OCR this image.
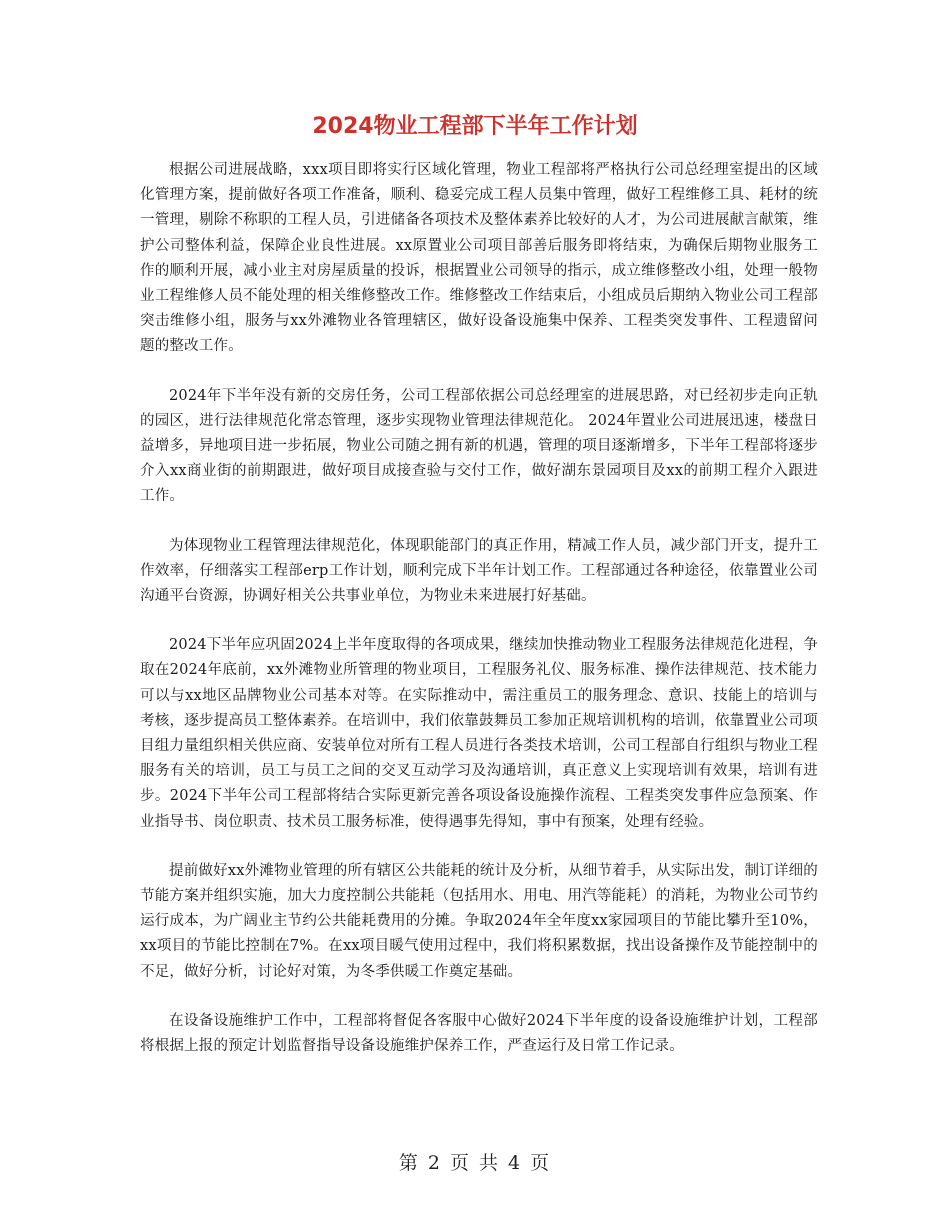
2024物业工程部下半年工作计划

根据公司进展战略，xxx项目即将实行区域化管理，物业工程部将严格执行公司总经理室提出的区域化管理方案，提前做好各项工作准备，顺利、稳妥完成工程人员集中管理，做好工程维修工具、耗材的统一管理，剔除不称职的工程人员，引进储备各项技术及整体素养比较好的人才，为公司进展献言献策，维护公司整体利益，保障企业良性进展。xx原置业公司项目部善后服务即将结束，为确保后期物业服务工作的顺利开展，减小业主对房屋质量的投诉，根据置业公司领导的指示，成立维修整改小组，处理一般物业工程维修人员不能处理的相关维修整改工作。维修整改工作结束后，小组成员后期纳入物业公司工程部突击维修小组，服务与xx外滩物业各管理辖区，做好设备设施集中保养、工程类突发事件、工程遗留问题的整改工作。

2024年下半年没有新的交房任务，公司工程部依据公司总经理室的进展思路，对已经初步走向正轨的园区，进行法律规范化常态管理，逐步实现物业管理法律规范化。 2024年置业公司进展迅速，楼盘日益增多，异地项目进一步拓展，物业公司随之拥有新的机遇，管理的项目逐渐增多，下半年工程部将逐步介入xx商业街的前期跟进，做好项目成接查验与交付工作，做好湖东景园项目及xx的前期工程介入跟进工作。

为体现物业工程管理法律规范化，体现职能部门的真正作用，精减工作人员，减少部门开支，提升工作效率，仔细落实工程部erp工作计划，顺利完成下半年计划工作。工程部通过各种途径，依靠置业公司沟通平台资源，协调好相关公共事业单位，为物业未来进展打好基础。

2024下半年应巩固2024上半年度取得的各项成果，继续加快推动物业工程服务法律规范化进程，争取在2024年底前，xx外滩物业所管理的物业项目，工程服务礼仪、服务标准、操作法律规范、技术能力可以与xx地区品牌物业公司基本对等。在实际推动中，需注重员工的服务理念、意识、技能上的培训与考核，逐步提高员工整体素养。在培训中，我们依靠鼓舞员工参加正规培训机构的培训，依靠置业公司项目组力量组织相关供应商、安装单位对所有工程人员进行各类技术培训，公司工程部自行组织与物业工程服务有关的培训，员工与员工之间的交叉互动学习及沟通培训，真正意义上实现培训有效果，培训有进步。2024下半年公司工程部将结合实际更新完善各项设备设施操作流程、工程类突发事件应急预案、作业指导书、岗位职责、技术员工服务标准，使得遇事先得知，事中有预案，处理有经验。

提前做好xx外滩物业管理的所有辖区公共能耗的统计及分析，从细节着手，从实际出发，制订详细的节能方案并组织实施，加大力度控制公共能耗（包括用水、用电、用汽等能耗）的消耗，为物业公司节约运行成本，为广阔业主节约公共能耗费用的分摊。争取2024年全年度xx家园项目的节能比攀升至10%，xx项目的节能比控制在7%。在xx项目暖气使用过程中，我们将积累数据，找出设备操作及节能控制中的不足，做好分析，讨论好对策，为冬季供暖工作奠定基础。

在设备设施维护工作中，工程部将督促各客服中心做好2024下半年度的设备设施维护计划，工程部将根据上报的预定计划监督指导设备设施维护保养工作，严查运行及日常工作记录。

第 2 页 共 4 页
